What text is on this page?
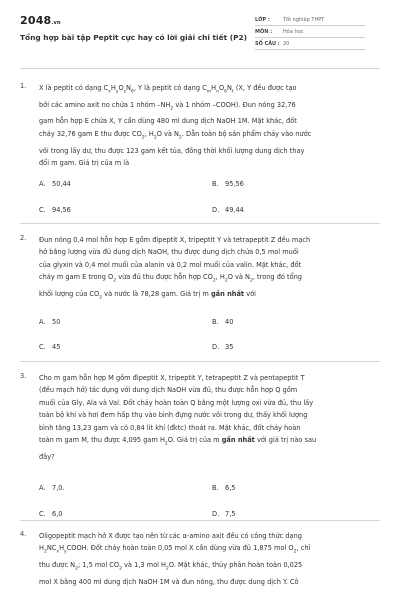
2048.vn
Tổng hợp bài tập Peptit cực hay có lời giải chi tiết (P2)
LỚP :	Tốt nghiệp THPT
MÔN : Hóa học
SỐ CÂU : 20
1. X là peptit có dạng $C_xH_yO_zN_6$, Y là peptit có dạng $C_mH_nO_6N_t$ (X, Y đều được tạo
bởi các amino axit no chứa 1 nhóm $-NH_2$ và 1 nhóm –COOH). Đun nóng 32,76
gam hỗn hợp E chứa X, Y cần dùng 480 ml dung dịch NaOH 1M. Mặt khác, đốt
cháy 32,76 gam E thu được $CO_2$, $H_2O$ và $N_2$. Dẫn toàn bộ sản phẩm cháy vào nước
vôi trong lấy dư, thu được 123 gam kết tủa, đồng thời khối lượng dung dịch thay
đổi m gam. Giá trị của m là
A. 50,44	B. 95,56
C. 94,56	D. 49,44
2. Đun nóng 0,4 mol hỗn hợp E gồm đipeptit X, tripeptit Y và tetrapeptit Z đều mạch
hở bằng lượng vừa đủ dung dịch NaOH, thu được dung dịch chứa 0,5 mol muối
của glyxin và 0,4 mol muối của alanin và 0,2 mol muối của valin. Mặt khác, đốt
cháy m gam E trong $O_2$ vừa đủ thu được hỗn hợp $CO_2$, $H_2O$ và $N_2$, trong đó tổng
khối lượng của $CO_2$ và nước là 78,28 gam. Giá trị m gần nhất với
A. 50	B. 40
C. 45	D. 35
3. Cho m gam hỗn hợp M gồm đipeptit X, tripeptit Y, tetrapeptit Z và pentapeptit T
(đều mạch hở) tác dụng với dung dịch NaOH vừa đủ, thu được hỗn hợp Q gồm
muối của Gly, Ala và Val. Đốt cháy hoàn toàn Q bằng một lượng oxi vừa đủ, thu lấy
toàn bộ khí và hơi đem hấp thụ vào bình đựng nước vôi trong dư, thấy khối lượng
bình tăng 13,23 gam và có 0,84 lít khí (đktc) thoát ra. Mặt khác, đốt cháy hoàn
toàn m gam M, thu được 4,095 gam $H_2O$. Giá trị của m gần nhất với giá trị nào sau
đây?
A. 7,0.	B. 6,5
C. 6,0	D. 7,5
4. Oligopeptit mạch hở X được tạo nên từ các α-amino axit đều có công thức dạng
$H_2NC_xH_yCOOH$. Đốt cháy hoàn toàn 0,05 mol X cần dùng vừa đủ 1,875 mol $O_2$, chỉ
thu được $N_2$; 1,5 mol $CO_2$ và 1,3 mol $H_2O$. Mặt khác, thủy phân hoàn toàn 0,025
mol X bằng 400 ml dung dịch NaOH 1M và đun nóng, thu được dung dịch Y. Cô
